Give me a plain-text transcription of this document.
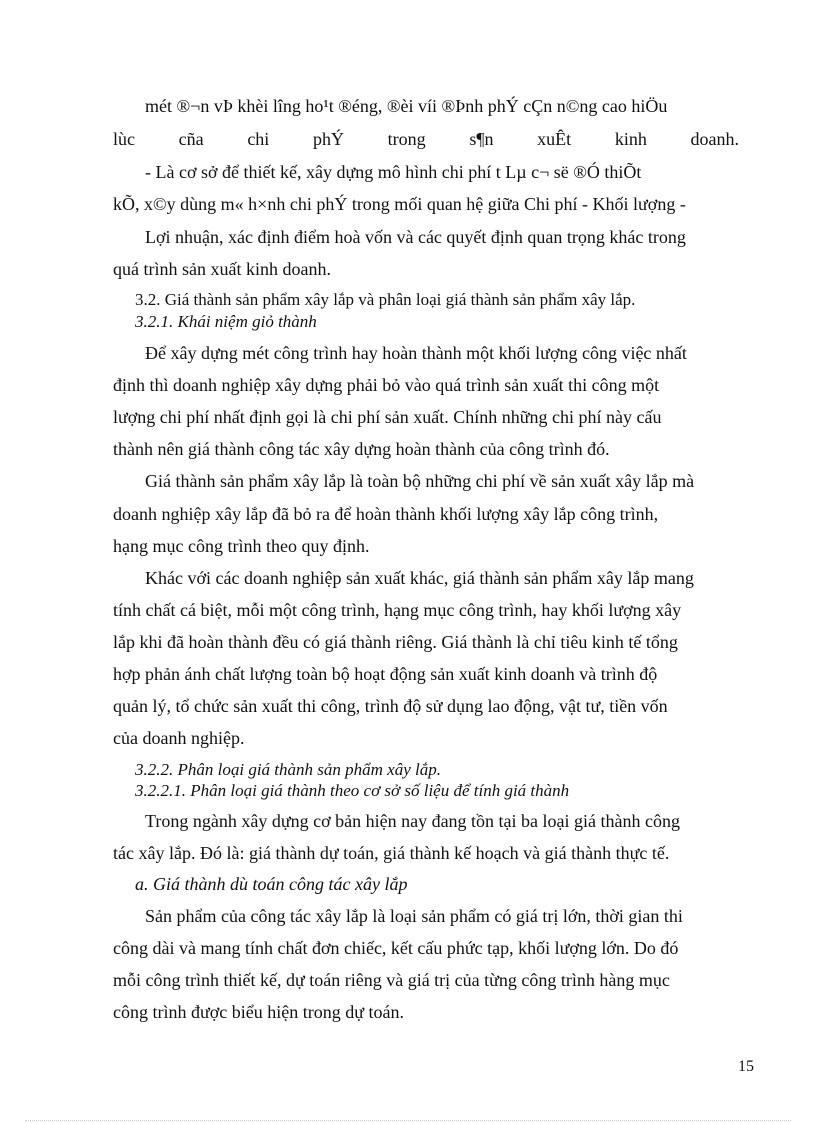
mét ®¬n vÞ khèi lîng ho¹t ®éng, ®èi víi ®Þnh phÝ cÇn n©ng cao hiÖu
lùc cña chi phÝ trong s¶n xuÊt kinh doanh.
- Là cơ sở để thiết kế, xây dựng mô hình chi phí t Lµ c¬ së ®Ó thiÕt
kÕ, x©y dùng m« h×nh chi phÝ trong mối quan hệ giữa Chi phí - Khối lượng -
Lợi nhuận, xác định điểm hoà vốn và các quyết định quan trọng khác trong
quá trình sản xuất kinh doanh.
3.2. Giá thành sản phẩm xây lắp và phân loại giá thành sản phẩm xây lắp.
3.2.1. Khái niệm giỏ thành
Để xây dựng mét công trình hay hoàn thành một khối lượng công việc nhất
định thì doanh nghiệp xây dựng phải bỏ vào quá trình sản xuất thi công một
lượng chi phí nhất định gọi là chi phí sản xuất. Chính những chi phí này cấu
thành nên giá thành công tác xây dựng hoàn thành của công trình đó.
Giá thành sản phẩm xây lắp là toàn bộ những chi phí về sản xuất xây lắp mà
doanh nghiệp xây lắp đã bỏ ra để hoàn thành khối lượng xây lắp công trình,
hạng mục công trình theo quy định.
Khác với các doanh nghiệp sản xuất khác, giá thành sản phẩm xây lắp mang
tính chất cá biệt, mỗi một công trình, hạng mục công trình, hay khối lượng xây
lắp khi đã hoàn thành đều có giá thành riêng. Giá thành là chỉ tiêu kinh tế tổng
hợp phản ánh chất lượng toàn bộ hoạt động sản xuất kinh doanh và trình độ
quản lý, tổ chức sản xuất thi công, trình độ sử dụng lao động, vật tư, tiền vốn
của doanh nghiệp.
3.2.2. Phân loại giá thành sản phẩm xây lắp.
3.2.2.1. Phân loại giá thành theo cơ sở số liệu để tính giá thành
Trong ngành xây dựng cơ bản hiện nay đang tồn tại ba loại giá thành công
tác xây lắp. Đó là: giá thành dự toán, giá thành kế hoạch và giá thành thực tế.
a. Giá thành dù toán công tác xây lắp
Sản phẩm của công tác xây lắp là loại sản phẩm có giá trị lớn, thời gian thi
công dài và mang tính chất đơn chiếc, kết cấu phức tạp, khối lượng lớn. Do đó
mỗi công trình thiết kế, dự toán riêng và giá trị của từng công trình hàng mục
công trình được biểu hiện trong dự toán.
15
